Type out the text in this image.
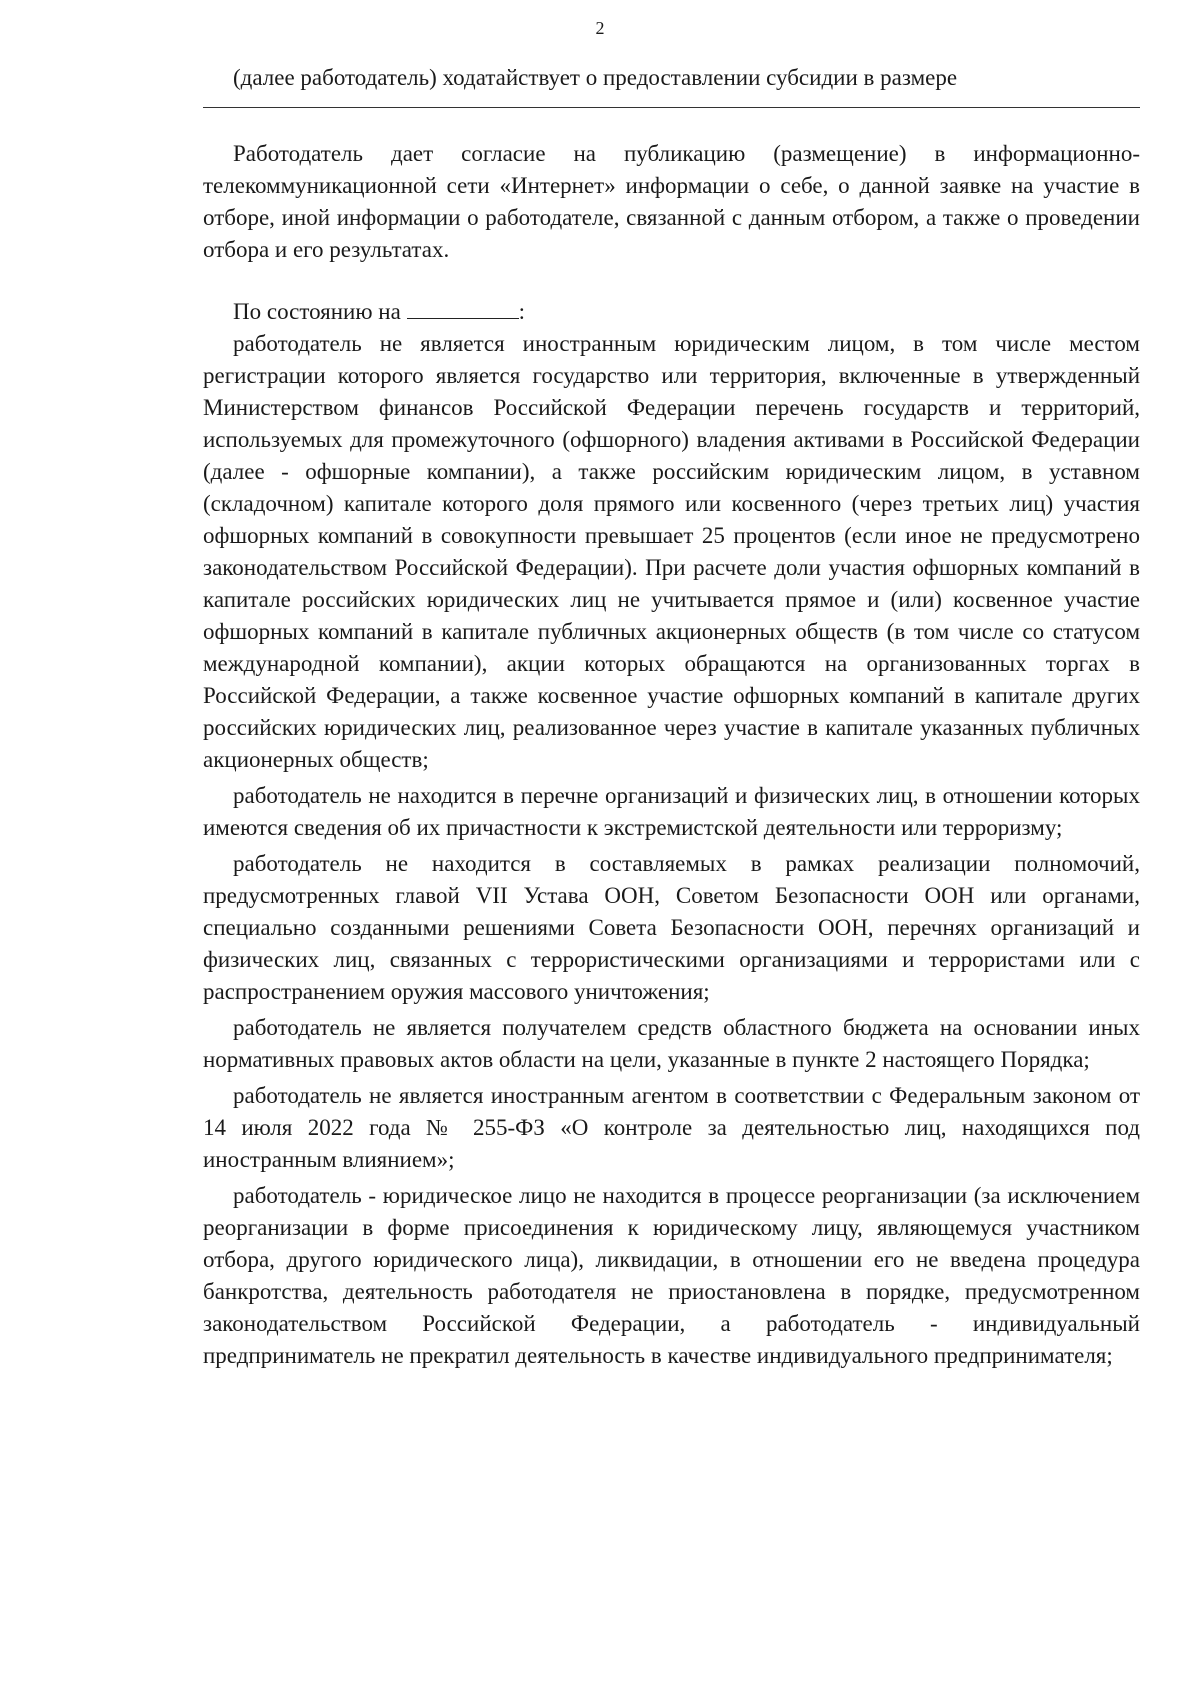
2

(далее работодатель) ходатайствует о предоставлении субсидии в размере

Работодатель дает согласие на публикацию (размещение) в информационно-телекоммуникационной сети «Интернет» информации о себе, о данной заявке на участие в отборе, иной информации о работодателе, связанной с данным отбором, а также о проведении отбора и его результатах.

По состоянию на	:

работодатель не является иностранным юридическим лицом, в том числе местом регистрации которого является государство или территория, включенные в утвержденный Министерством финансов Российской Федерации перечень государств и территорий, используемых для промежуточного (офшорного) владения активами в Российской Федерации (далее - офшорные компании), а также российским юридическим лицом, в уставном (складочном) капитале которого доля прямого или косвенного (через третьих лиц) участия офшорных компаний в совокупности превышает 25 процентов (если иное не предусмотрено законодательством Российской Федерации). При расчете доли участия офшорных компаний в капитале российских юридических лиц не учитывается прямое и (или) косвенное участие офшорных компаний в капитале публичных акционерных обществ (в том числе со статусом международной компании), акции которых обращаются на организованных торгах в Российской Федерации, а также косвенное участие офшорных компаний в капитале других российских юридических лиц, реализованное через участие в капитале указанных публичных акционерных обществ;

работодатель не находится в перечне организаций и физических лиц, в отношении которых имеются сведения об их причастности к экстремистской деятельности или терроризму;

работодатель не находится в составляемых в рамках реализации полномочий, предусмотренных главой VII Устава ООН, Советом Безопасности ООН или органами, специально созданными решениями Совета Безопасности ООН, перечнях организаций и физических лиц, связанных с террористическими организациями и террористами или с распространением оружия массового уничтожения;

работодатель не является получателем средств областного бюджета на основании иных нормативных правовых актов области на цели, указанные в пункте 2 настоящего Порядка;

работодатель не является иностранным агентом в соответствии с Федеральным законом от 14 июля 2022 года № 255-ФЗ «О контроле за деятельностью лиц, находящихся под иностранным влиянием»;

работодатель - юридическое лицо не находится в процессе реорганизации (за исключением реорганизации в форме присоединения к юридическому лицу, являющемуся участником отбора, другого юридического лица), ликвидации, в отношении его не введена процедура банкротства, деятельность работодателя не приостановлена в порядке, предусмотренном законодательством Российской Федерации, а работодатель - индивидуальный предприниматель не прекратил деятельность в качестве индивидуального предпринимателя;
